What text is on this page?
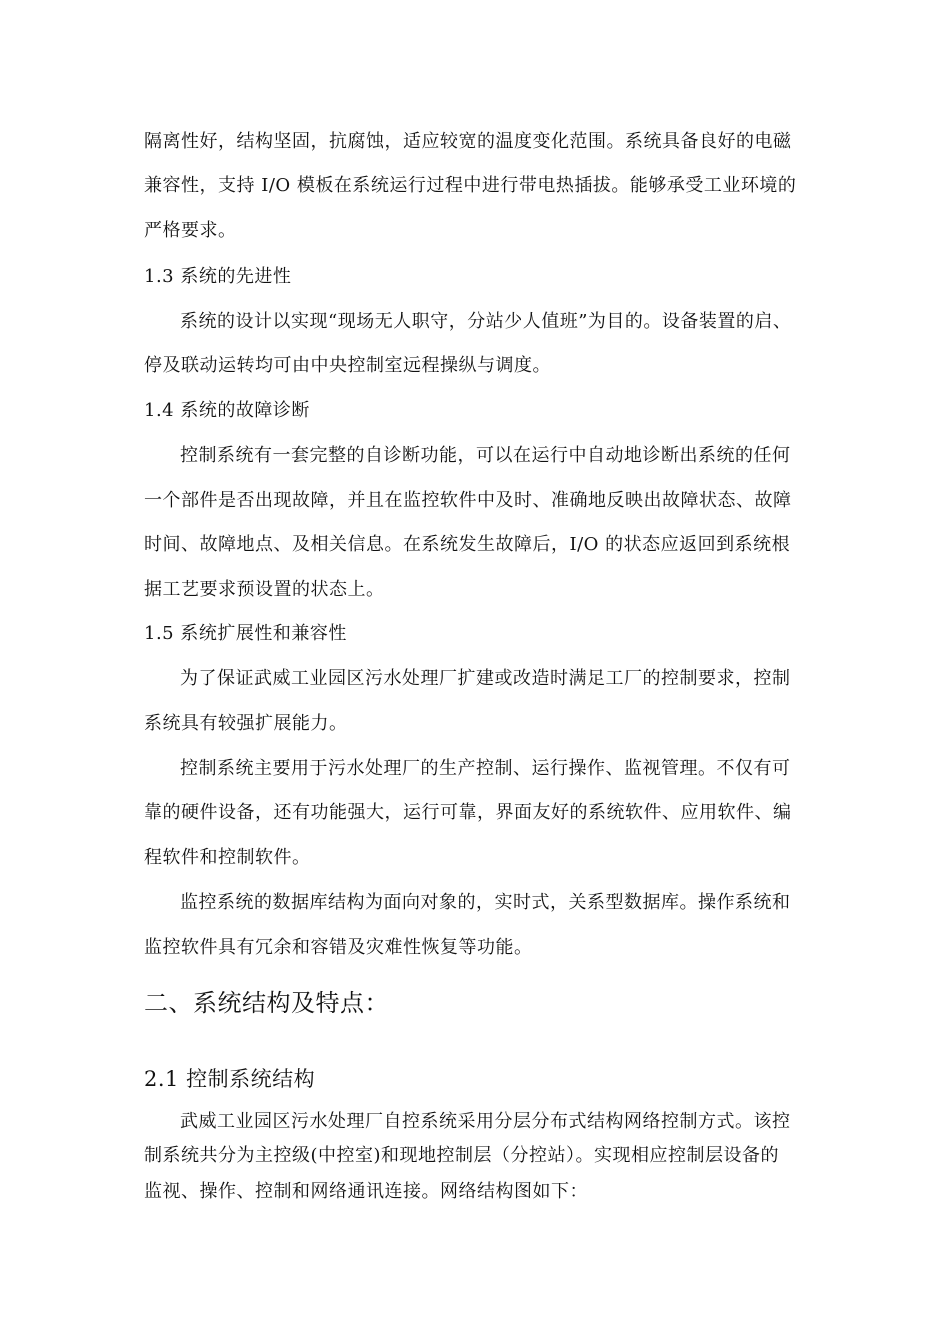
隔离性好，结构坚固，抗腐蚀，适应较宽的温度变化范围。系统具备良好的电磁
兼容性，支持 I/O 模板在系统运行过程中进行带电热插拔。能够承受工业环境的
严格要求。
1.3 系统的先进性
系统的设计以实现“现场无人职守，分站少人值班”为目的。设备装置的启、
停及联动运转均可由中央控制室远程操纵与调度。
1.4 系统的故障诊断
控制系统有一套完整的自诊断功能，可以在运行中自动地诊断出系统的任何
一个部件是否出现故障，并且在监控软件中及时、准确地反映出故障状态、故障
时间、故障地点、及相关信息。在系统发生故障后，I/O 的状态应返回到系统根
据工艺要求预设置的状态上。
1.5 系统扩展性和兼容性
为了保证武威工业园区污水处理厂扩建或改造时满足工厂的控制要求，控制
系统具有较强扩展能力。
控制系统主要用于污水处理厂的生产控制、运行操作、监视管理。不仅有可
靠的硬件设备，还有功能强大，运行可靠，界面友好的系统软件、应用软件、编
程软件和控制软件。
监控系统的数据库结构为面向对象的，实时式，关系型数据库。操作系统和
监控软件具有冗余和容错及灾难性恢复等功能。
二、系统结构及特点：
2.1 控制系统结构
武威工业园区污水处理厂自控系统采用分层分布式结构网络控制方式。该控
制系统共分为主控级(中控室)和现地控制层（分控站）。实现相应控制层设备的
监视、操作、控制和网络通讯连接。网络结构图如下：
